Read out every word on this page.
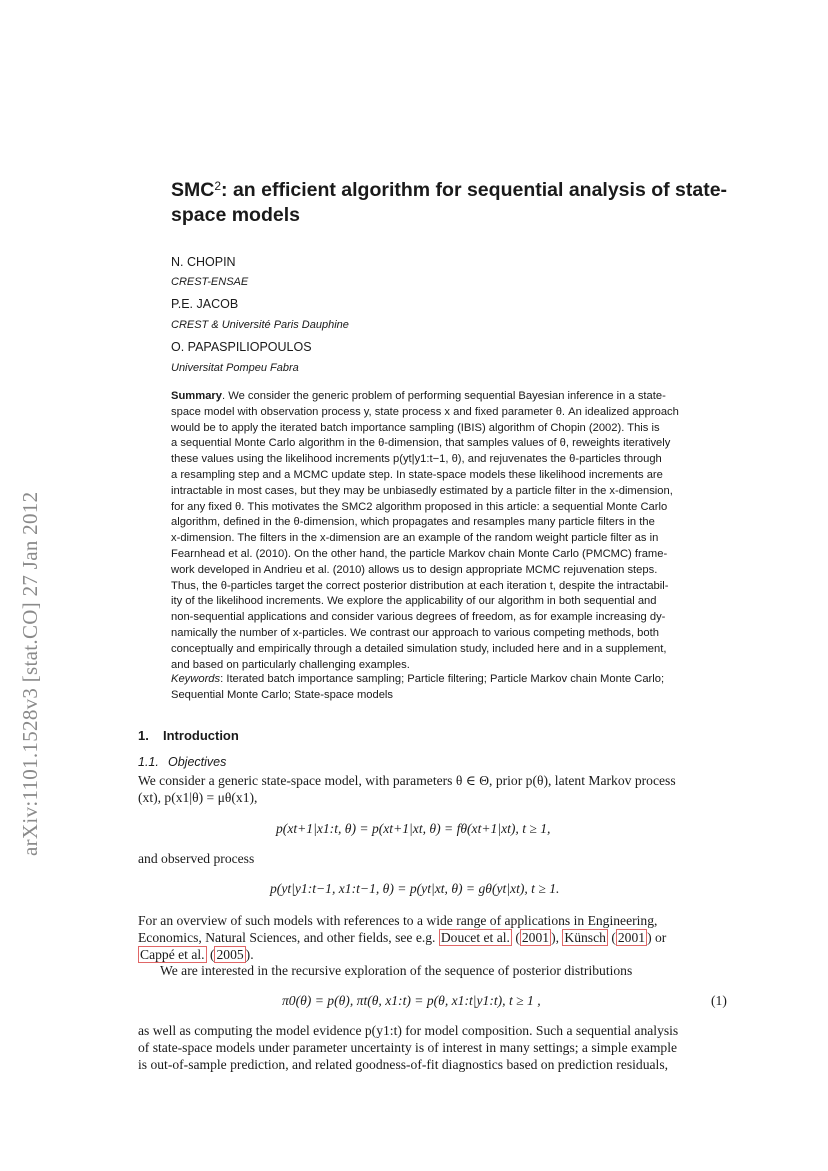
arXiv:1101.1528v3 [stat.CO] 27 Jan 2012
SMC$^2$: an efficient algorithm for sequential analysis of state-space models
N. CHOPIN
CREST-ENSAE
P.E. JACOB
CREST & Université Paris Dauphine
O. PAPASPILIOPOULOS
Universitat Pompeu Fabra
Summary. We consider the generic problem of performing sequential Bayesian inference in a state-
space model with observation process y, state process x and fixed parameter θ. An idealized approach
would be to apply the iterated batch importance sampling (IBIS) algorithm of Chopin (2002). This is
a sequential Monte Carlo algorithm in the θ-dimension, that samples values of θ, reweights iteratively
these values using the likelihood increments p(yt|y1:t−1, θ), and rejuvenates the θ-particles through
a resampling step and a MCMC update step. In state-space models these likelihood increments are
intractable in most cases, but they may be unbiasedly estimated by a particle filter in the x-dimension,
for any fixed θ. This motivates the SMC2 algorithm proposed in this article: a sequential Monte Carlo
algorithm, defined in the θ-dimension, which propagates and resamples many particle filters in the
x-dimension. The filters in the x-dimension are an example of the random weight particle filter as in
Fearnhead et al. (2010). On the other hand, the particle Markov chain Monte Carlo (PMCMC) frame-
work developed in Andrieu et al. (2010) allows us to design appropriate MCMC rejuvenation steps.
Thus, the θ-particles target the correct posterior distribution at each iteration t, despite the intractabil-
ity of the likelihood increments. We explore the applicability of our algorithm in both sequential and
non-sequential applications and consider various degrees of freedom, as for example increasing dy-
namically the number of x-particles. We contrast our approach to various competing methods, both
conceptually and empirically through a detailed simulation study, included here and in a supplement,
and based on particularly challenging examples.
Keywords: Iterated batch importance sampling; Particle filtering; Particle Markov chain Monte Carlo;
Sequential Monte Carlo; State-space models
1. Introduction
1.1. Objectives
We consider a generic state-space model, with parameters θ ∈ Θ, prior p(θ), latent Markov process
(xt), p(x1|θ) = μθ(x1),
p(xt+1|x1:t, θ) = p(xt+1|xt, θ) = fθ(xt+1|xt), t ≥ 1,
and observed process
p(yt|y1:t−1, x1:t−1, θ) = p(yt|xt, θ) = gθ(yt|xt), t ≥ 1.
For an overview of such models with references to a wide range of applications in Engineering,
Economics, Natural Sciences, and other fields, see e.g. Doucet et al. ( 2001 ), Künsch ( 2001 ) or
Cappé et al. ( 2005 ).
We are interested in the recursive exploration of the sequence of posterior distributions
π0(θ) = p(θ), πt(θ, x1:t) = p(θ, x1:t|y1:t), t ≥ 1 ,	(1)
as well as computing the model evidence p(y1:t) for model composition. Such a sequential analysis
of state-space models under parameter uncertainty is of interest in many settings; a simple example
is out-of-sample prediction, and related goodness-of-fit diagnostics based on prediction residuals,
